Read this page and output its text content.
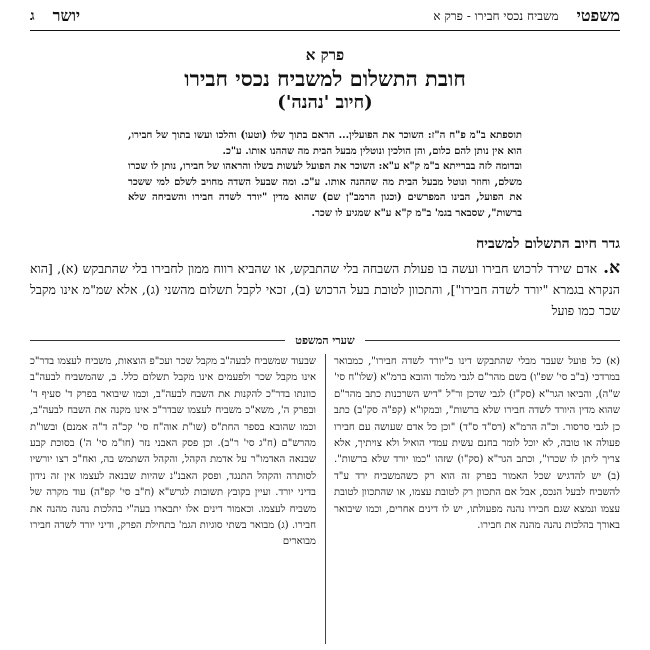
משפטי
משביח נכסי חבירו - פרק א
יושר
ג
פרק א
חובת התשלום למשביח נכסי חבירו
(חיוב 'נהנה')

תוספתא ב"מ פ"ח ה"ז: השוכר את הפועלין... הראם בתוך שלו (וטעו) והלכו ועשו בתוך של חבירו, הוא אין נותן להם כלום, והן הולכין ונוטלין מבעל הבית מה שההנו אותו. ע"כ.

ובדומה לזה בברייתא ב"מ ק"א ע"א: השוכר את הפועל לעשות בשלו והראהו של חבירו, נותן לו שכרו משלם, וחוזר ונוטל מבעל הבית מה שההנה אותו. ע"כ. ומה שבעל השדה מחויב לשלם למי ששכר את הפועל, הבינו המפרשים (וכגון הרמב"ן שם) שהוא מדין "יורד לשדה חבירו והשביחה שלא ברשות", שסבאר בגמ' ב"מ ק"א ע"א שמגיע לו שכר.

גדר חיוב התשלום למשביח

א.אדם שירד לרכוש חבירו ועשה בו פעולת השבחה בלי שהתבקש, או שהביא רווח ממון לחבירו בלי שהתבקש (א), [הוא הנקרא בגמרא "יורד לשדה חבירו"], והתכוון לטובת בעל הרכוש (ב), זכאי לקבל תשלום מהשני (ג), אלא שמ"מ אינו מקבל שכר כמו פועל

שערי המשפט

(א) כל פועל שעבד מבלי שהתבקש דינו כ"יורד לשדה חבירו", כמבואר במרדכי (ב"ב סי' שפ"ו) בשם מהר"ם לגבי מלמד והובא ברמ"א (שלו"ח סי' ש"ה), והביאו הגר"א (סק"ז) לגבי שדכן ור"ל "דיש השרכנות כתב מהר"ם שהוא מדין היורד לשדה חבירו שלא ברשות", ובמקו"א (קפ"ה סק"ב) כתב כן לגבי סרסור. וכ"ה הרמ"א (רס"ד ס"ד) "וכן כל אדם שעושה עם חבירו פעולה או טובה, לא יוכל לומר בחנם עשית עמדי הואיל ולא צויתיך, אלא צריך ליתן לו שכרו", וכתב הגר"א (סק"ו) שזהו "כמו יורד שלא ברשות". (ב) יש להדגיש שכל האמור בפרק זה הוא רק כשהמשביח ירד ע"ד להשביח לבעל הנכס, אבל אם התכוון רק לטובת עצמו, או שהתכוון לטובת עצמו ונמצא שגם חבירו נהנה מפעולתו, יש לו דינים אחרים, וכמו שיבואר באורך בהלכות נהנה מהנה את חבירו.

שבעוד שמשביח לבעה"ב מקבל שכר ועכ"פ הוצאות, משביח לעצמו בדר"כ אינו מקבל שכר ולפעמים אינו מקבל תשלום כלל. ב, שהמשביח לבעה"ב כוונתו בדר"כ להקנות את השבח לבעה"ב, וכמו שיבואר בפרק ד' סעיף ד' ובפרק ה', משא"כ משביח לעצמו שבדר"כ אינו מקנה את השבח לבעה"ב, וכמו שהובא בספר החת"ס (שו"ת אוה"ח סי' קכ"ה ד"ה אמנם) ובשו"ת מהרש"ם (ח"ג סי' ר"ב). וכן פסק האבני נזר (חו"מ סי' ה') בסוכת קבע שבנאה האדמו"ר על אדמת הקהל, והקהל השתמש בה, ואח"כ רצו יורשיו לסותרה והקהל התנגד, ופסק האבנ"נ שהיות שבנאה לעצמו אין זה נידון בדיני יורד. ועיין בקובץ תשובות לגרש"א (ח"ב סי' קפ"ה) עוד מקרה של משביח לעצמו. וכאמור דינים אלו יתבארו בעה"י בהלכות נהנה מהנה את חבירו. (ג) מבואר בשתי סוגיות הגמ' בתחילת הפרק, ודיני יורד לשדה חבירו מבוארים
